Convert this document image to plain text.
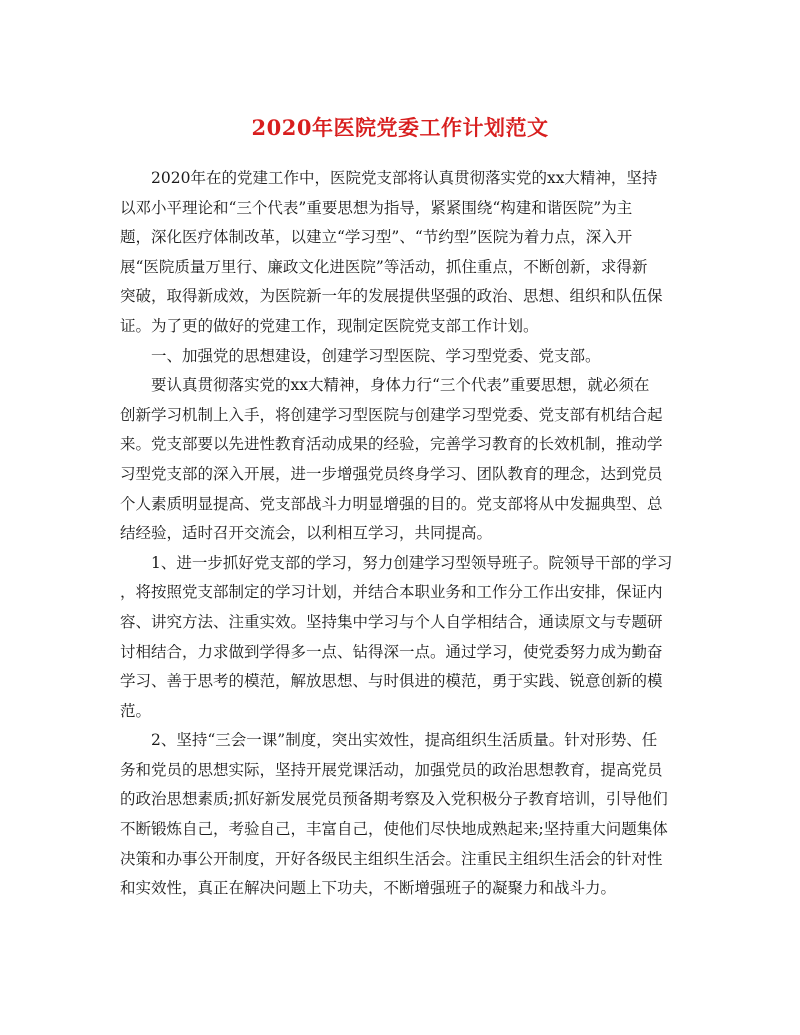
2020年医院党委工作计划范文
2020年在的党建工作中，医院党支部将认真贯彻落实党的xx大精神，坚持
以邓小平理论和“三个代表”重要思想为指导，紧紧围绕“构建和谐医院”为主
题，深化医疗体制改革，以建立“学习型”、“节约型”医院为着力点，深入开
展“医院质量万里行、廉政文化进医院”等活动，抓住重点，不断创新，求得新
突破，取得新成效，为医院新一年的发展提供坚强的政治、思想、组织和队伍保
证。为了更的做好的党建工作，现制定医院党支部工作计划。
一、加强党的思想建设，创建学习型医院、学习型党委、党支部。
要认真贯彻落实党的xx大精神，身体力行“三个代表”重要思想，就必须在
创新学习机制上入手，将创建学习型医院与创建学习型党委、党支部有机结合起
来。党支部要以先进性教育活动成果的经验，完善学习教育的长效机制，推动学
习型党支部的深入开展，进一步增强党员终身学习、团队教育的理念，达到党员
个人素质明显提高、党支部战斗力明显增强的目的。党支部将从中发掘典型、总
结经验，适时召开交流会，以利相互学习，共同提高。
1、进一步抓好党支部的学习，努力创建学习型领导班子。院领导干部的学习
，将按照党支部制定的学习计划，并结合本职业务和工作分工作出安排，保证内
容、讲究方法、注重实效。坚持集中学习与个人自学相结合，通读原文与专题研
讨相结合，力求做到学得多一点、钻得深一点。通过学习，使党委努力成为勤奋
学习、善于思考的模范，解放思想、与时俱进的模范，勇于实践、锐意创新的模
范。
2、坚持“三会一课”制度，突出实效性，提高组织生活质量。针对形势、任
务和党员的思想实际，坚持开展党课活动，加强党员的政治思想教育，提高党员
的政治思想素质;抓好新发展党员预备期考察及入党积极分子教育培训，引导他们
不断锻炼自己，考验自己，丰富自己，使他们尽快地成熟起来;坚持重大问题集体
决策和办事公开制度，开好各级民主组织生活会。注重民主组织生活会的针对性
和实效性，真正在解决问题上下功夫，不断增强班子的凝聚力和战斗力。
